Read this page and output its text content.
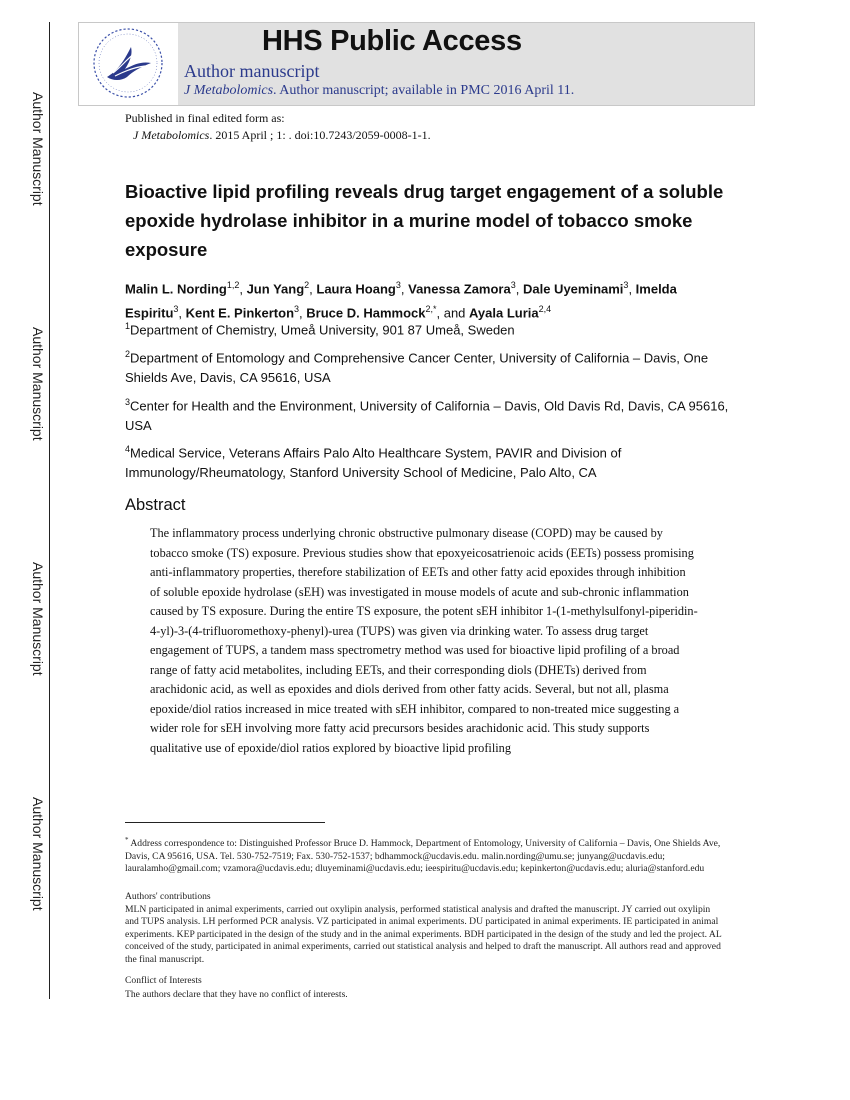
Author Manuscript
Author Manuscript
Author Manuscript
Author Manuscript
HHS Public Access
Author manuscript
J Metabolomics. Author manuscript; available in PMC 2016 April 11.
Published in final edited form as:
J Metabolomics. 2015 April ; 1: . doi:10.7243/2059-0008-1-1.
Bioactive lipid profiling reveals drug target engagement of a soluble epoxide hydrolase inhibitor in a murine model of tobacco smoke exposure
Malin L. Nording$^{1,2}$, Jun Yang$^2$, Laura Hoang$^3$, Vanessa Zamora$^3$, Dale Uyeminami$^3$, Imelda Espiritu$^3$, Kent E. Pinkerton$^3$, Bruce D. Hammock$^{2,*}$, and Ayala Luria$^{2,4}$
$^1$Department of Chemistry, Umeå University, 901 87 Umeå, Sweden
$^2$Department of Entomology and Comprehensive Cancer Center, University of California – Davis, One Shields Ave, Davis, CA 95616, USA
$^3$Center for Health and the Environment, University of California – Davis, Old Davis Rd, Davis, CA 95616, USA
$^4$Medical Service, Veterans Affairs Palo Alto Healthcare System, PAVIR and Division of Immunology/Rheumatology, Stanford University School of Medicine, Palo Alto, CA
Abstract
The inflammatory process underlying chronic obstructive pulmonary disease (COPD) may be caused by tobacco smoke (TS) exposure. Previous studies show that epoxyeicosatrienoic acids (EETs) possess promising anti-inflammatory properties, therefore stabilization of EETs and other fatty acid epoxides through inhibition of soluble epoxide hydrolase (sEH) was investigated in mouse models of acute and sub-chronic inflammation caused by TS exposure. During the entire TS exposure, the potent sEH inhibitor 1-(1-methylsulfonyl-piperidin-4-yl)-3-(4-trifluoromethoxy-phenyl)-urea (TUPS) was given via drinking water. To assess drug target engagement of TUPS, a tandem mass spectrometry method was used for bioactive lipid profiling of a broad range of fatty acid metabolites, including EETs, and their corresponding diols (DHETs) derived from arachidonic acid, as well as epoxides and diols derived from other fatty acids. Several, but not all, plasma epoxide/diol ratios increased in mice treated with sEH inhibitor, compared to non-treated mice suggesting a wider role for sEH involving more fatty acid precursors besides arachidonic acid. This study supports qualitative use of epoxide/diol ratios explored by bioactive lipid profiling
* Address correspondence to: Distinguished Professor Bruce D. Hammock, Department of Entomology, University of California – Davis, One Shields Ave, Davis, CA 95616, USA. Tel. 530-752-7519; Fax. 530-752-1537; bdhammock@ucdavis.edu. malin.nording@umu.se; junyang@ucdavis.edu; lauralamho@gmail.com; vzamora@ucdavis.edu; dluyeminami@ucdavis.edu; ieespiritu@ucdavis.edu; kepinkerton@ucdavis.edu; aluria@stanford.edu
Authors' contributions
MLN participated in animal experiments, carried out oxylipin analysis, performed statistical analysis and drafted the manuscript. JY carried out oxylipin and TUPS analysis. LH performed PCR analysis. VZ participated in animal experiments. DU participated in animal experiments. IE participated in animal experiments. KEP participated in the design of the study and in the animal experiments. BDH participated in the design of the study and led the project. AL conceived of the study, participated in animal experiments, carried out statistical analysis and helped to draft the manuscript. All authors read and approved the final manuscript.
Conflict of Interests
The authors declare that they have no conflict of interests.
